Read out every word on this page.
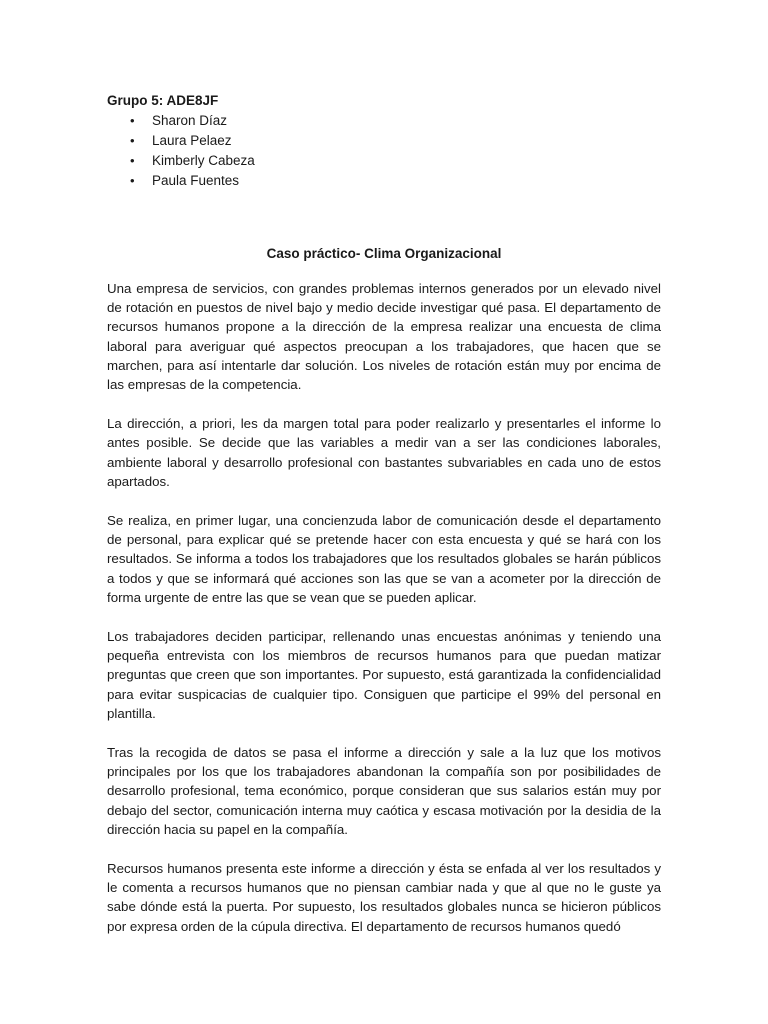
Grupo 5: ADE8JF

• Sharon Díaz
• Laura Pelaez
• Kimberly Cabeza
• Paula Fuentes
Caso práctico- Clima Organizacional

Una empresa de servicios, con grandes problemas internos generados por un elevado nivel de rotación en puestos de nivel bajo y medio decide investigar qué pasa. El departamento de recursos humanos propone a la dirección de la empresa realizar una encuesta de clima laboral para averiguar qué aspectos preocupan a los trabajadores, que hacen que se marchen, para así intentarle dar solución. Los niveles de rotación están muy por encima de las empresas de la competencia.

La dirección, a priori, les da margen total para poder realizarlo y presentarles el informe lo antes posible. Se decide que las variables a medir van a ser las condiciones laborales, ambiente laboral y desarrollo profesional con bastantes subvariables en cada uno de estos apartados.

Se realiza, en primer lugar, una concienzuda labor de comunicación desde el departamento de personal, para explicar qué se pretende hacer con esta encuesta y qué se hará con los resultados. Se informa a todos los trabajadores que los resultados globales se harán públicos a todos y que se informará qué acciones son las que se van a acometer por la dirección de forma urgente de entre las que se vean que se pueden aplicar.

Los trabajadores deciden participar, rellenando unas encuestas anónimas y teniendo una pequeña entrevista con los miembros de recursos humanos para que puedan matizar preguntas que creen que son importantes. Por supuesto, está garantizada la confidencialidad para evitar suspicacias de cualquier tipo. Consiguen que participe el 99% del personal en plantilla.

Tras la recogida de datos se pasa el informe a dirección y sale a la luz que los motivos principales por los que los trabajadores abandonan la compañía son por posibilidades de desarrollo profesional, tema económico, porque consideran que sus salarios están muy por debajo del sector, comunicación interna muy caótica y escasa motivación por la desidia de la dirección hacia su papel en la compañía.

Recursos humanos presenta este informe a dirección y ésta se enfada al ver los resultados y le comenta a recursos humanos que no piensan cambiar nada y que al que no le guste ya sabe dónde está la puerta. Por supuesto, los resultados globales nunca se hicieron públicos por expresa orden de la cúpula directiva. El departamento de recursos humanos quedó
